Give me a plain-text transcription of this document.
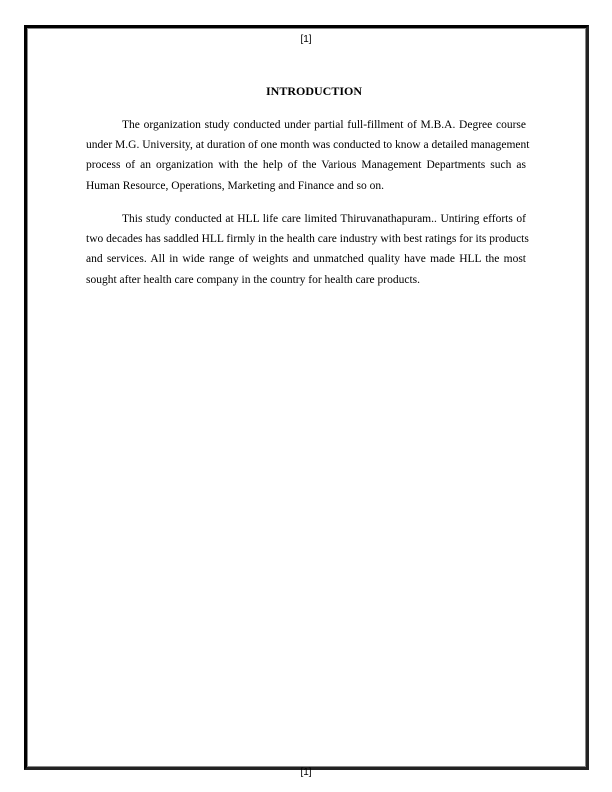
[1]
INTRODUCTION
The organization study conducted under partial full-fillment of M.B.A. Degree course
under M.G. University, at duration of one month was conducted to know a detailed management
process of an organization with the help of the Various Management Departments such as
Human Resource, Operations, Marketing and Finance and so on.
This study conducted at HLL life care limited Thiruvanathapuram.. Untiring efforts of
two decades has saddled HLL firmly in the health care industry with best ratings for its products
and services. All in wide range of weights and unmatched quality have made HLL the most
sought after health care company in the country for health care products.
[1]
